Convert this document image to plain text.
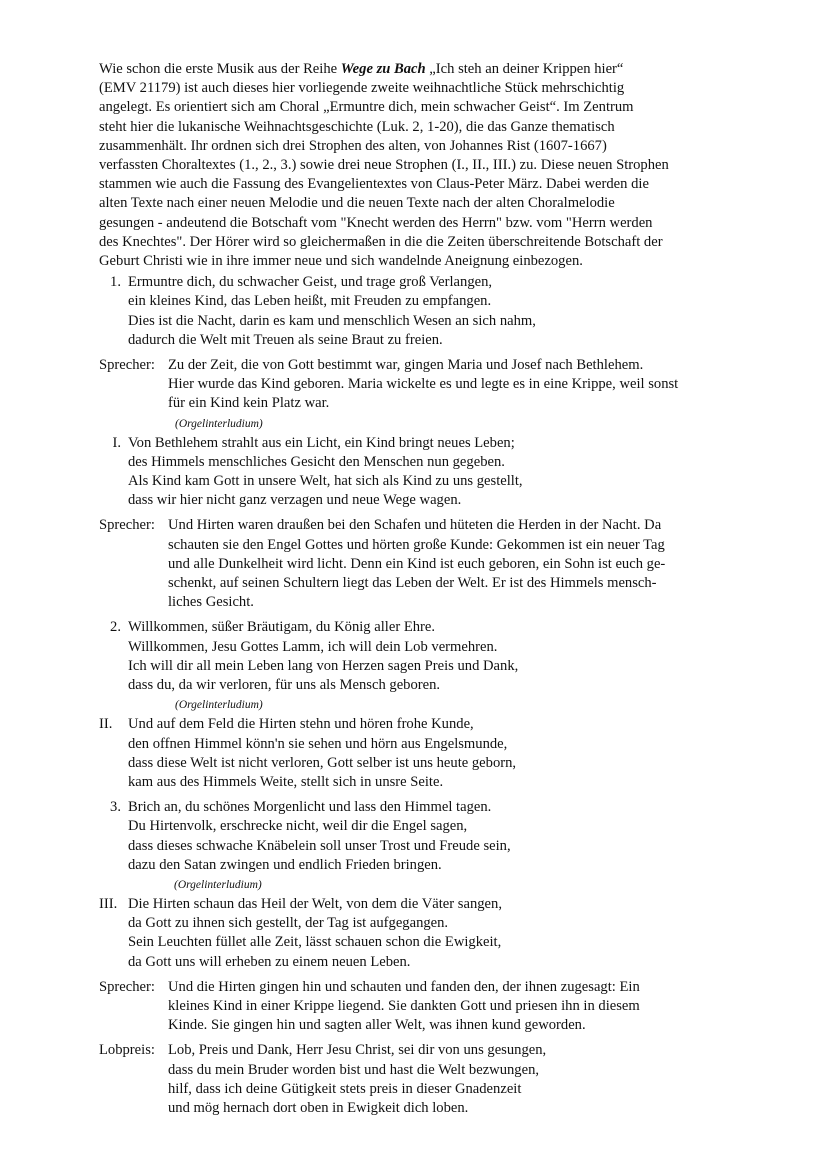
Wie schon die erste Musik aus der Reihe Wege zu Bach „Ich steh an deiner Krippen hier“

(EMV 21179) ist auch dieses hier vorliegende zweite weihnachtliche Stück mehrschichtig

angelegt. Es orientiert sich am Choral „Ermuntre dich, mein schwacher Geist“. Im Zentrum

steht hier die lukanische Weihnachtsgeschichte (Luk. 2, 1-20), die das Ganze thematisch

zusammenhält. Ihr ordnen sich drei Strophen des alten, von Johannes Rist (1607-1667)

verfassten Choraltextes (1., 2., 3.) sowie drei neue Strophen (I., II., III.) zu. Diese neuen Strophen

stammen wie auch die Fassung des Evangelientextes von Claus-Peter März. Dabei werden die

alten Texte nach einer neuen Melodie und die neuen Texte nach der alten Choralmelodie

gesungen - andeutend die Botschaft vom "Knecht werden des Herrn" bzw. vom "Herrn werden

des Knechtes". Der Hörer wird so gleichermaßen in die die Zeiten überschreitende Botschaft der

Geburt Christi wie in ihre immer neue und sich wandelnde Aneignung einbezogen.

1. Ermuntre dich, du schwacher Geist, und trage groß Verlangen,
ein kleines Kind, das Leben heißt, mit Freuden zu empfangen.
Dies ist die Nacht, darin es kam und menschlich Wesen an sich nahm,
dadurch die Welt mit Treuen als seine Braut zu freien.
Sprecher: Zu der Zeit, die von Gott bestimmt war, gingen Maria und Josef nach Bethlehem.
Hier wurde das Kind geboren. Maria wickelte es und legte es in eine Krippe, weil sonst
für ein Kind kein Platz war.
(Orgelinterludium)
I. Von Bethlehem strahlt aus ein Licht, ein Kind bringt neues Leben;
des Himmels menschliches Gesicht den Menschen nun gegeben.
Als Kind kam Gott in unsere Welt, hat sich als Kind zu uns gestellt,
dass wir hier nicht ganz verzagen und neue Wege wagen.
Sprecher: Und Hirten waren draußen bei den Schafen und hüteten die Herden in der Nacht. Da
schauten sie den Engel Gottes und hörten große Kunde: Gekommen ist ein neuer Tag
und alle Dunkelheit wird licht. Denn ein Kind ist euch geboren, ein Sohn ist euch ge-
schenkt, auf seinen Schultern liegt das Leben der Welt. Er ist des Himmels mensch-
liches Gesicht.
2. Willkommen, süßer Bräutigam, du König aller Ehre.
Willkommen, Jesu Gottes Lamm, ich will dein Lob vermehren.
Ich will dir all mein Leben lang von Herzen sagen Preis und Dank,
dass du, da wir verloren, für uns als Mensch geboren.
(Orgelinterludium)
II.	Und auf dem Feld die Hirten stehn und hören frohe Kunde,
den offnen Himmel könn'n sie sehen und hörn aus Engelsmunde,
dass diese Welt ist nicht verloren, Gott selber ist uns heute geborn,
kam aus des Himmels Weite, stellt sich in unsre Seite.
3. Brich an, du schönes Morgenlicht und lass den Himmel tagen.
Du Hirtenvolk, erschrecke nicht, weil dir die Engel sagen,
dass dieses schwache Knäbelein soll unser Trost und Freude sein,
dazu den Satan zwingen und endlich Frieden bringen.
(Orgelinterludium)
III. Die Hirten schaun das Heil der Welt, von dem die Väter sangen,
da Gott zu ihnen sich gestellt, der Tag ist aufgegangen.
Sein Leuchten füllet alle Zeit, lässt schauen schon die Ewigkeit,
da Gott uns will erheben zu einem neuen Leben.
Sprecher: Und die Hirten gingen hin und schauten und fanden den, der ihnen zugesagt: Ein
kleines Kind in einer Krippe liegend. Sie dankten Gott und priesen ihn in diesem
Kinde. Sie gingen hin und sagten aller Welt, was ihnen kund geworden.
Lobpreis: Lob, Preis und Dank, Herr Jesu Christ, sei dir von uns gesungen,
dass du mein Bruder worden bist und hast die Welt bezwungen,
hilf, dass ich deine Gütigkeit stets preis in dieser Gnadenzeit
und mög hernach dort oben in Ewigkeit dich loben.
